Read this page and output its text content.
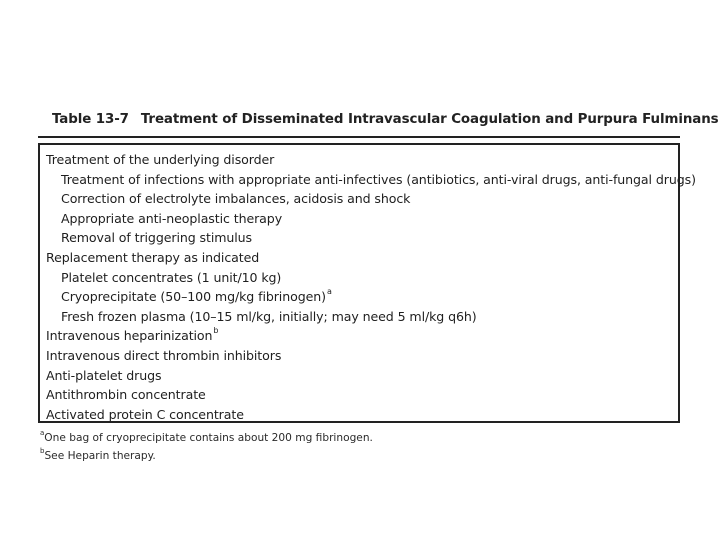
Table 13-7 Treatment of Disseminated Intravascular Coagulation and Purpura Fulminans
Treatment of the underlying disorder
Treatment of infections with appropriate anti-infectives (antibiotics, anti-viral drugs, anti-fungal drugs)
Correction of electrolyte imbalances, acidosis and shock
Appropriate anti-neoplastic therapy
Removal of triggering stimulus
Replacement therapy as indicated
Platelet concentrates (1 unit/10 kg)
Cryoprecipitate (50–100 mg/kg fibrinogen)$^a$
Fresh frozen plasma (10–15 ml/kg, initially; may need 5 ml/kg q6h)
Intravenous heparinization$^b$
Intravenous direct thrombin inhibitors
Anti-platelet drugs
Antithrombin concentrate
Activated protein C concentrate
$^a$One bag of cryoprecipitate contains about 200 mg fibrinogen.
$^b$See Heparin therapy.
